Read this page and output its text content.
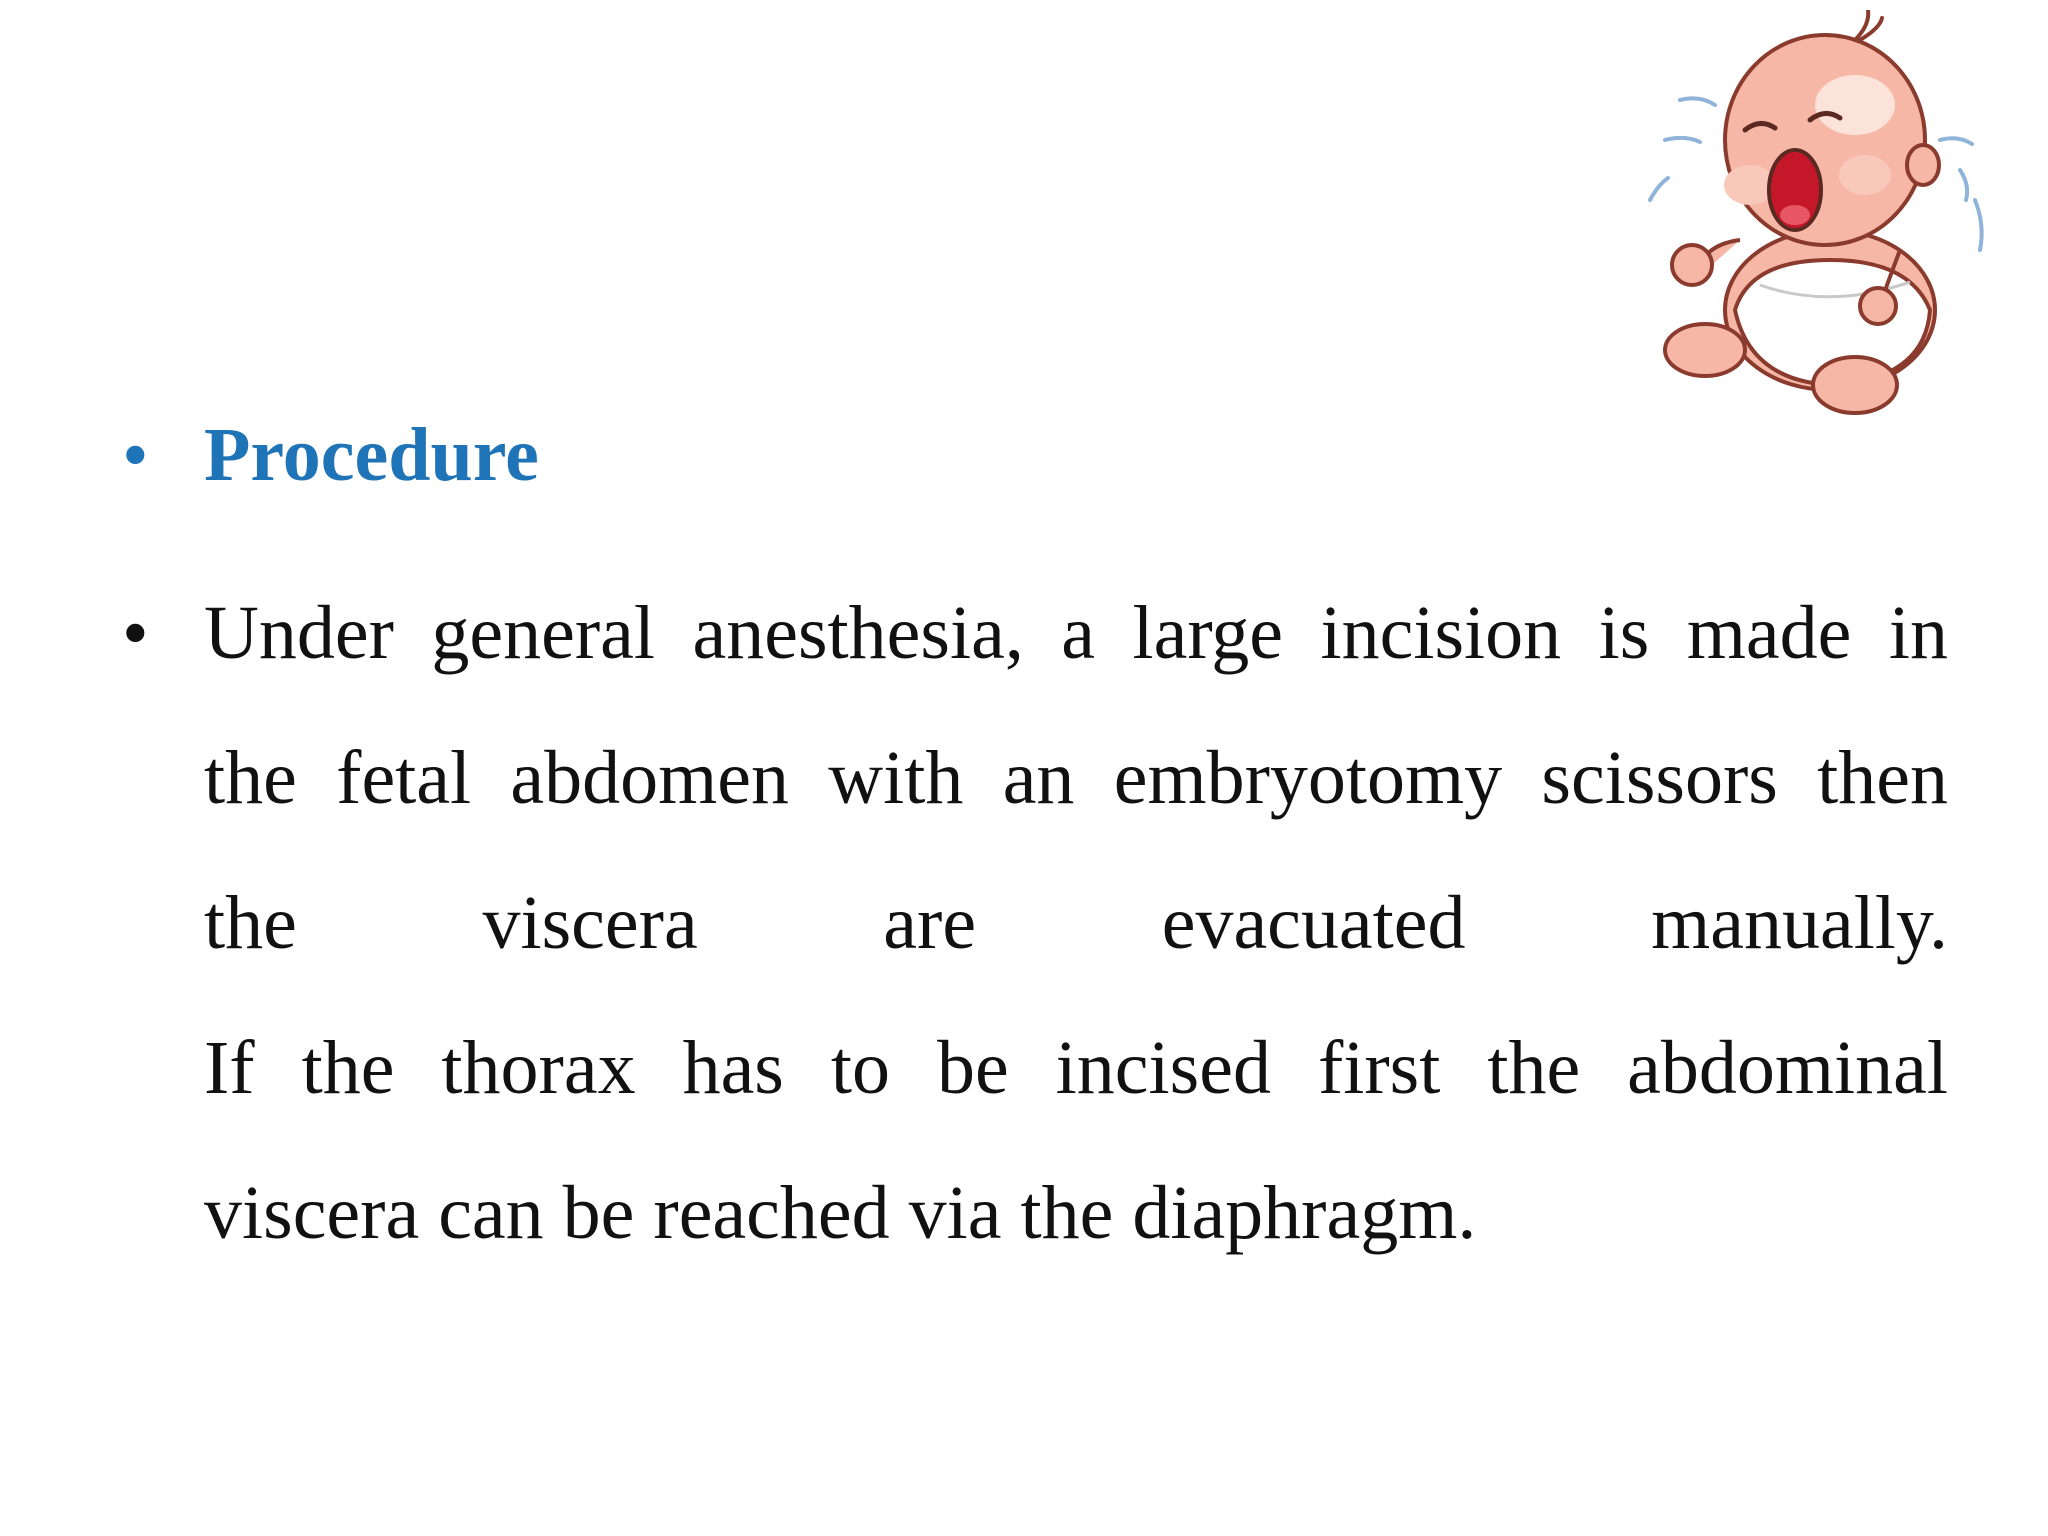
• Procedure
• Under general anesthesia, a large incision is made in
the fetal abdomen with an embryotomy scissors then
the viscera are evacuated manually.
If the thorax has to be incised first the abdominal
viscera can be reached via the diaphragm.
